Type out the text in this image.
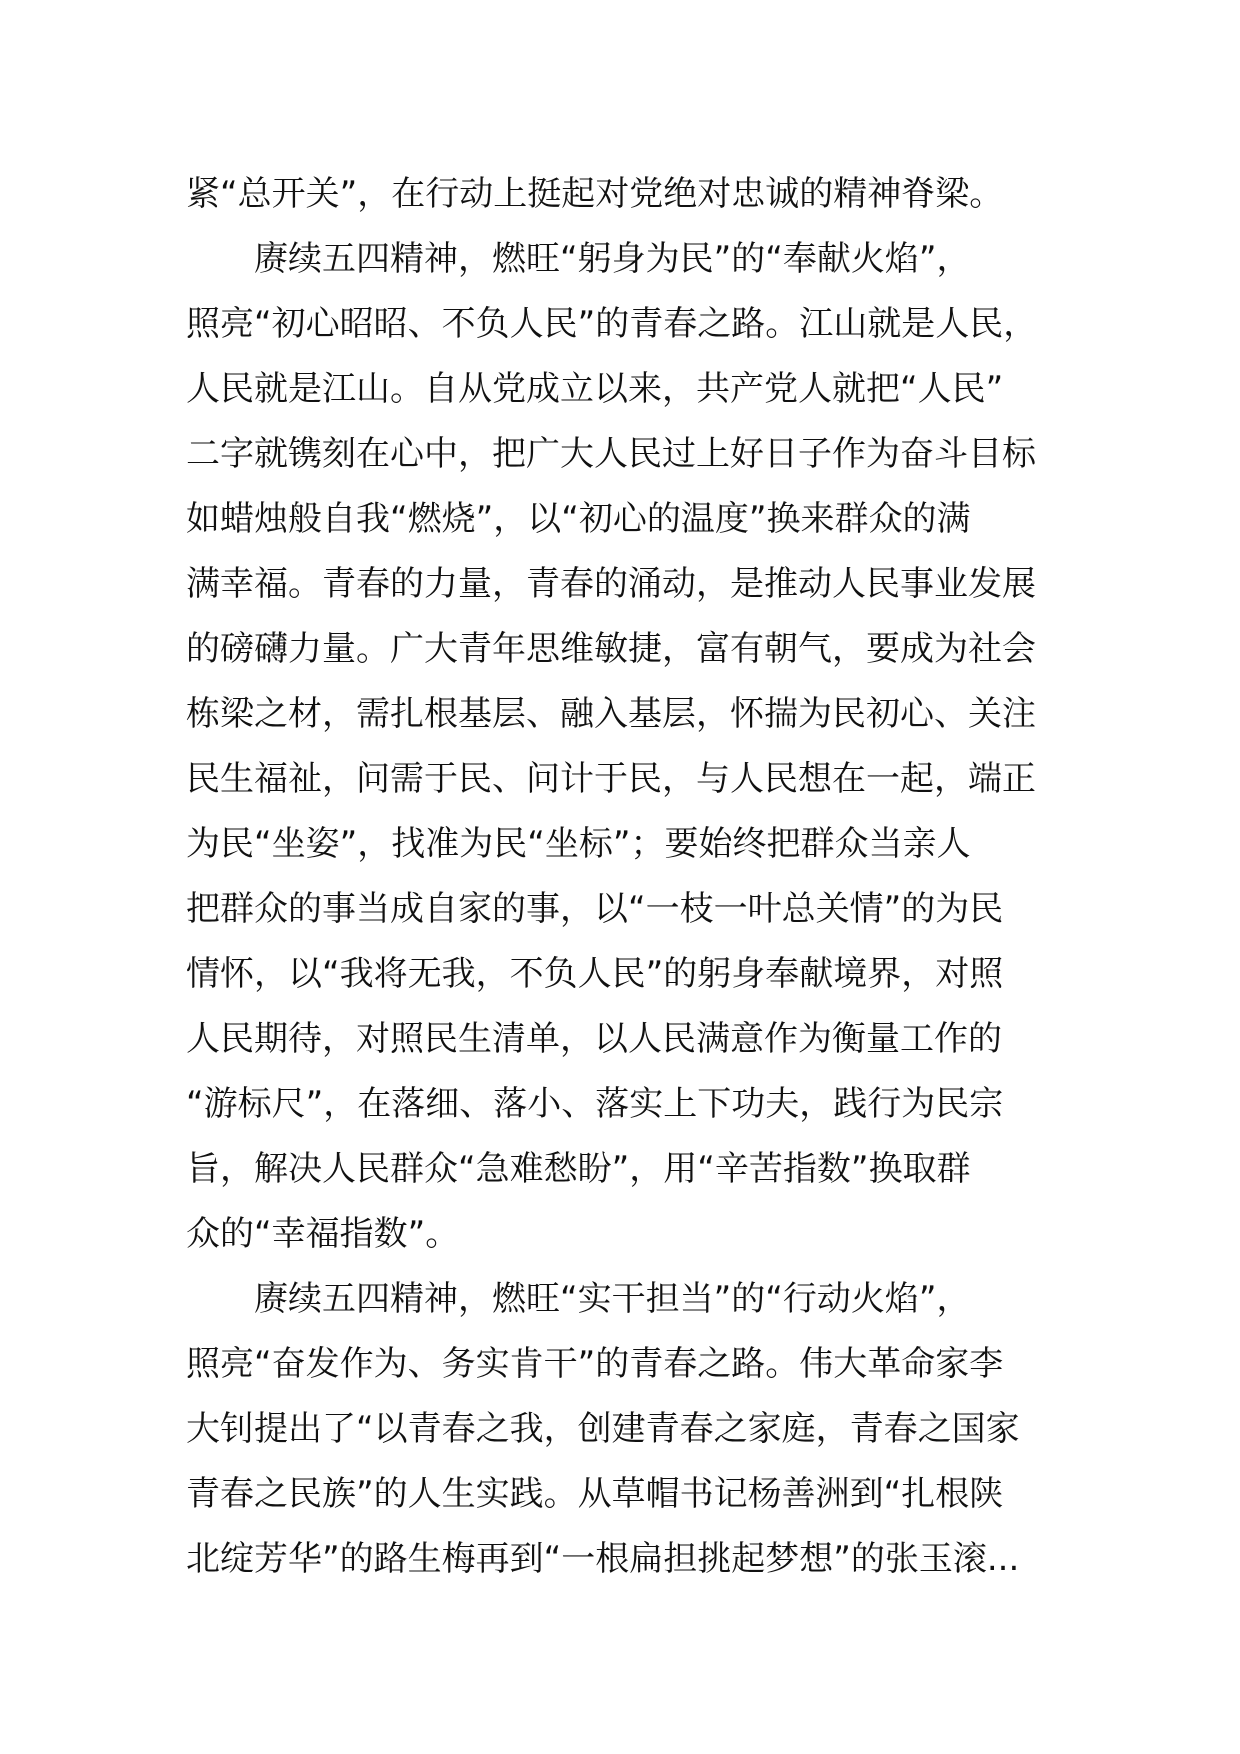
紧“总开关”，在行动上挺起对党绝对忠诚的精神脊梁。
赓续五四精神，燃旺“躬身为民”的“奉献火焰”，
照亮“初心昭昭、不负人民”的青春之路。江山就是人民，
人民就是江山。自从党成立以来，共产党人就把“人民”
二字就镌刻在心中，把广大人民过上好日子作为奋斗目标
如蜡烛般自我“燃烧”，以“初心的温度”换来群众的满
满幸福。青春的力量，青春的涌动，是推动人民事业发展
的磅礴力量。广大青年思维敏捷，富有朝气，要成为社会
栋梁之材，需扎根基层、融入基层，怀揣为民初心、关注
民生福祉，问需于民、问计于民，与人民想在一起，端正
为民“坐姿”，找准为民“坐标”；要始终把群众当亲人
把群众的事当成自家的事，以“一枝一叶总关情”的为民
情怀，以“我将无我，不负人民”的躬身奉献境界，对照
人民期待，对照民生清单，以人民满意作为衡量工作的
“游标尺”，在落细、落小、落实上下功夫，践行为民宗
旨，解决人民群众“急难愁盼”，用“辛苦指数”换取群
众的“幸福指数”。
赓续五四精神，燃旺“实干担当”的“行动火焰”，
照亮“奋发作为、务实肯干”的青春之路。伟大革命家李
大钊提出了“以青春之我，创建青春之家庭，青春之国家
青春之民族”的人生实践。从草帽书记杨善洲到“扎根陕
北绽芳华”的路生梅再到“一根扁担挑起梦想”的张玉滚...
